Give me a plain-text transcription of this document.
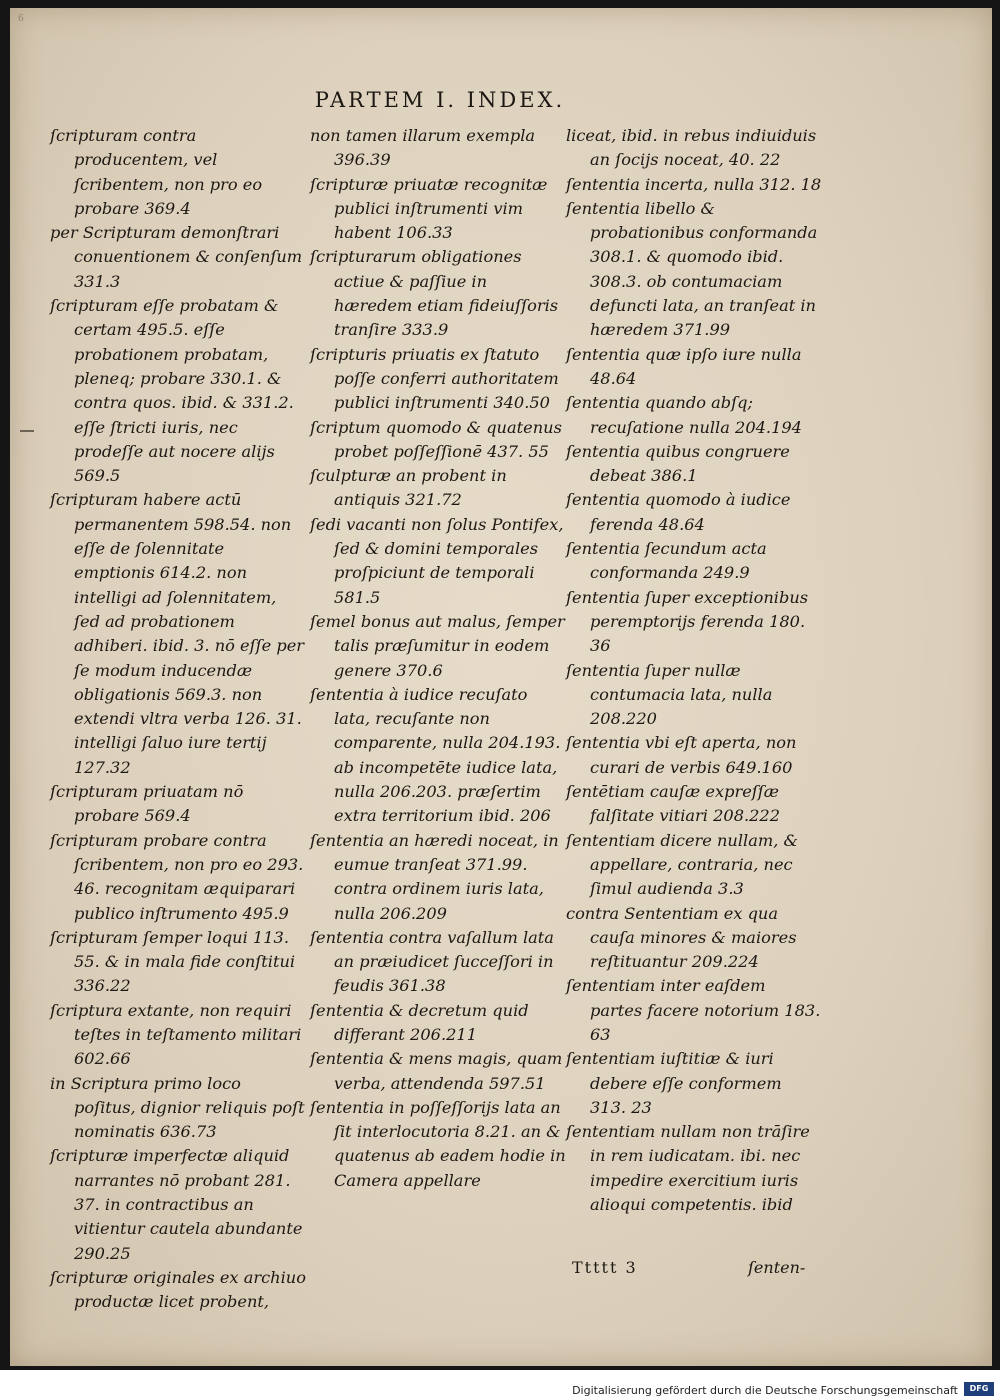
6
PARTEM I. INDEX.

ſcripturam contra producentem, vel ſcribentem, non pro eo probare 369.4

per Scripturam demonſtrari conuentionem & conſenſum 331.3

ſcripturam eſſe probatam & certam 495.5. eſſe probationem probatam, pleneq; probare 330.1. & contra quos. ibid. & 331.2. eſſe ſtricti iuris, nec prodeſſe aut nocere alijs 569.5

ſcripturam habere actū permanentem 598.54. non eſſe de ſolennitate emptionis 614.2. non intelligi ad ſolennitatem, ſed ad probationem adhiberi. ibid. 3. nō eſſe per ſe modum inducendæ obligationis 569.3. non extendi vltra verba 126. 31. intelligi ſaluo iure tertij 127.32

ſcripturam priuatam nō probare 569.4

ſcripturam probare contra ſcribentem, non pro eo 293. 46. recognitam æquiparari publico inſtrumento 495.9

ſcripturam ſemper loqui 113. 55. & in mala fide conſtitui 336.22

ſcriptura extante, non requiri teſtes in teſtamento militari 602.66

in Scriptura primo loco poſitus, dignior reliquis poſt nominatis 636.73

ſcripturæ imperfectæ aliquid narrantes nō probant 281. 37. in contractibus an vitientur cautela abundante 290.25

ſcripturæ originales ex archiuo productæ licet probent,

non tamen illarum exempla 396.39

ſcripturæ priuatæ recognitæ publici inſtrumenti vim habent 106.33

ſcripturarum obligationes actiue & paſſiue in hæredem etiam fideiuſſoris tranſire 333.9

ſcripturis priuatis ex ſtatuto poſſe conferri authoritatem publici inſtrumenti 340.50

ſcriptum quomodo & quatenus probet poſſeſſionē 437. 55

ſculpturæ an probent in antiquis 321.72

ſedi vacanti non ſolus Pontifex, ſed & domini temporales proſpiciunt de temporali 581.5

ſemel bonus aut malus, ſemper talis præſumitur in eodem genere 370.6

ſententia à iudice recuſato lata, recuſante non comparente, nulla 204.193. ab incompetēte iudice lata, nulla 206.203. præſertim extra territorium ibid. 206

ſententia an hæredi noceat, in eumue tranſeat 371.99. contra ordinem iuris lata, nulla 206.209

ſententia contra vaſallum lata an præiudicet ſucceſſori in feudis 361.38

ſententia & decretum quid differant 206.211

ſententia & mens magis, quam verba, attendenda 597.51

ſententia in poſſeſſorijs lata an ſit interlocutoria 8.21. an & quatenus ab eadem hodie in Camera appellare

liceat, ibid. in rebus indiuiduis an ſocijs noceat, 40. 22

ſententia incerta, nulla 312. 18

ſententia libello & probationibus conformanda 308.1. & quomodo ibid. 308.3. ob contumaciam defuncti lata, an tranſeat in hæredem 371.99

ſententia quæ ipſo iure nulla 48.64

ſententia quando abſq; recuſatione nulla 204.194

ſententia quibus congruere debeat 386.1

ſententia quomodo à iudice ferenda 48.64

ſententia ſecundum acta conformanda 249.9

ſententia ſuper exceptionibus peremptorijs ferenda 180. 36

ſententia ſuper nullæ contumacia lata, nulla 208.220

ſententia vbi eſt aperta, non curari de verbis 649.160

ſentētiam cauſæ expreſſæ falſitate vitiari 208.222

ſententiam dicere nullam, & appellare, contraria, nec ſimul audienda 3.3

contra Sententiam ex qua cauſa minores & maiores reſtituantur 209.224

ſententiam inter eaſdem partes facere notorium 183. 63

ſententiam iuſtitiæ & iuri debere eſſe conformem 313. 23

ſententiam nullam non trāſire in rem iudicatam. ibi. nec impedire exercitium iuris alioqui competentis. ibid

Ttttt 3	ſenten-
Digitalisierung gefördert durch die Deutsche Forschungsgemeinschaft	DFG
